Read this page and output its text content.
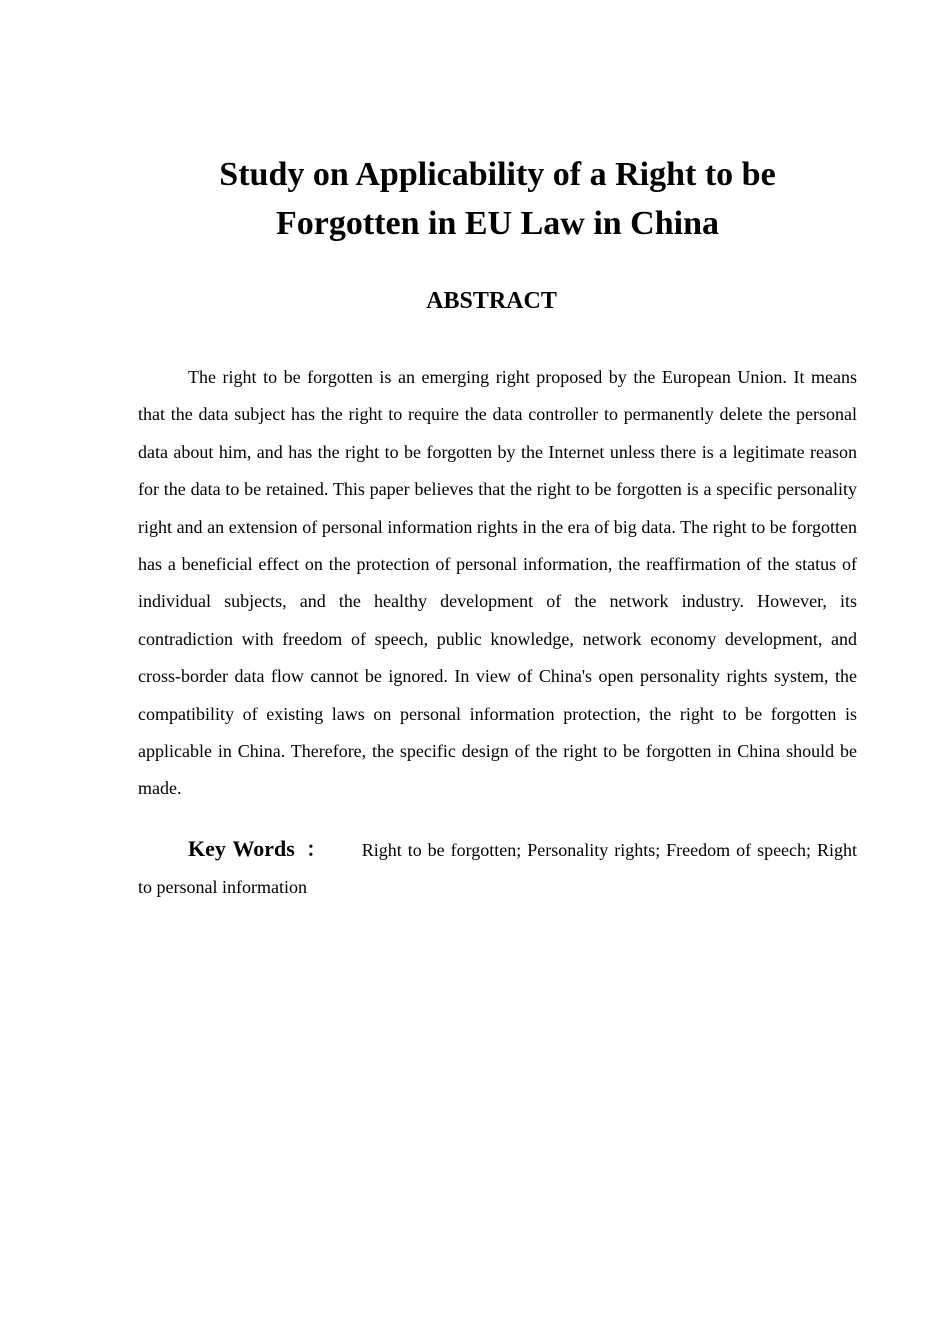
Study on Applicability of a Right to be
Forgotten in EU Law in China
ABSTRACT

The right to be forgotten is an emerging right proposed by the European Union. It means that the data subject has the right to require the data controller to permanently delete the personal data about him, and has the right to be forgotten by the Internet unless there is a legitimate reason for the data to be retained. This paper believes that the right to be forgotten is a specific personality right and an extension of personal information rights in the era of big data. The right to be forgotten has a beneficial effect on the protection of personal information, the reaffirmation of the status of individual subjects, and the healthy development of the network industry. However, its contradiction with freedom of speech, public knowledge, network economy development, and cross-border data flow cannot be ignored. In view of China's open personality rights system, the compatibility of existing laws on personal information protection, the right to be forgotten is applicable in China. Therefore, the specific design of the right to be forgotten in China should be made.

Key Words ： Right to be forgotten; Personality rights; Freedom of speech; Right to personal information
